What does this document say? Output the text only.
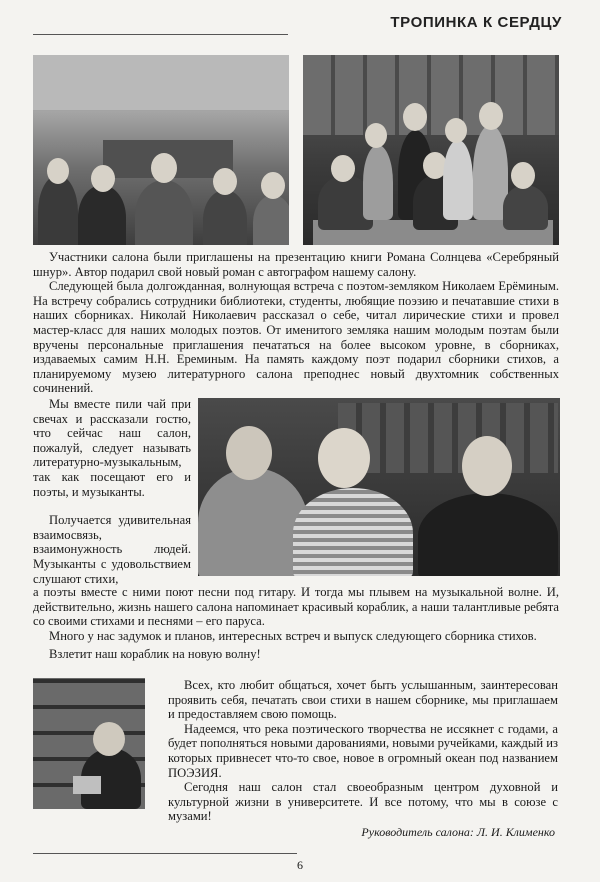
ТРОПИНКА К СЕРДЦУ

Участники салона были приглашены на презентацию книги Романа Солнцева «Серебряный шнур». Автор подарил свой новый роман с автографом нашему салону.

Следующей была долгожданная, волнующая встреча с поэтом-земляком Николаем Ерёминым. На встречу собрались сотрудники библиотеки, студенты, любящие поэзию и печатавшие стихи в наших сборниках. Николай Николаевич рассказал о себе, читал лирические стихи и провел мастер-класс для наших молодых поэтов. От именитого земляка нашим молодым поэтам были вручены персональные приглашения печататься на более высоком уровне, в сборниках, издаваемых самим Н.Н. Ереминым. На память каждому поэт подарил сборники стихов, а планируемому музею литературного салона преподнес новый двухтомник собственных сочинений.

Мы вместе пили чай при свечах и рассказали гостю, что сейчас наш салон, пожалуй, следует называть литературно-музыкальным, так как посещают его и поэты, и музыканты.

Получается удивительная взаимосвязь, взаимонужность людей. Музыканты с удовольствием слушают стихи,

а поэты вместе с ними поют песни под гитару. И тогда мы плывем на музыкальной волне. И, действительно, жизнь нашего салона напоминает красивый кораблик, а наши талантливые ребята со своими стихами и песнями – его паруса.

Много у нас задумок и планов, интересных встреч и выпуск следующего сборника стихов.

Взлетит наш кораблик на новую волну!

Всех, кто любит общаться, хочет быть услышанным, заинтересован проявить себя, печатать свои стихи в нашем сборнике, мы приглашаем и предоставляем свою помощь.

Надеемся, что река поэтического творчества не иссякнет с годами, а будет пополняться новыми дарованиями, новыми ручейками, каждый из которых привнесет что-то свое, новое в огромный океан под названием ПОЭЗИЯ.

Сегодня наш салон стал своеобразным центром духовной и культурной жизни в университете. И все потому, что мы в союзе с музами!

Руководитель салона: Л. И. Клименко
6
